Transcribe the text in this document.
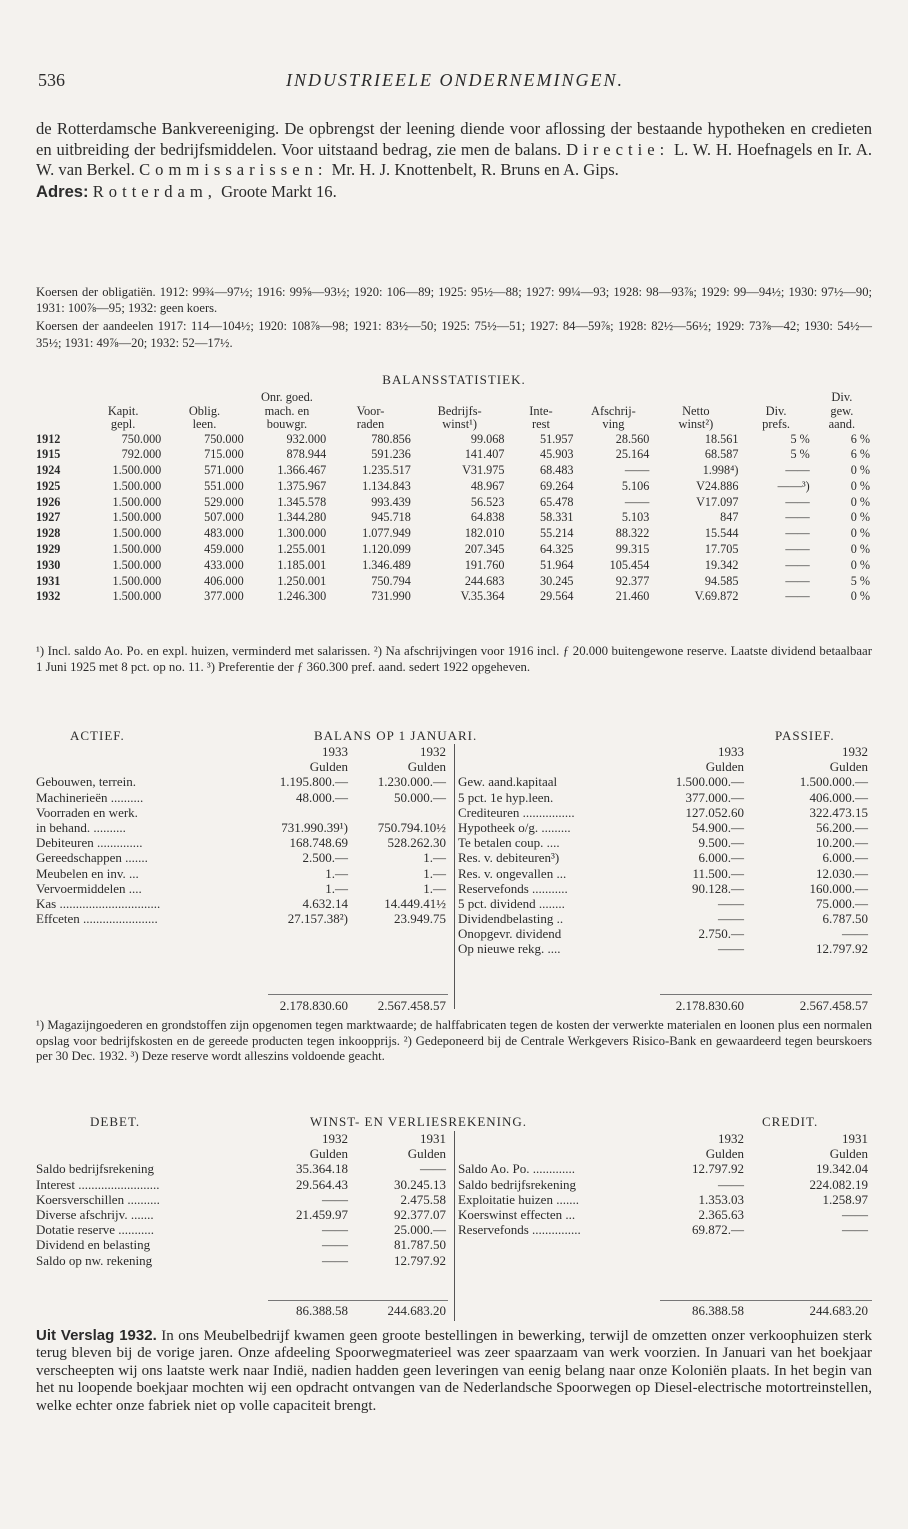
536	INDUSTRIEELE ONDERNEMINGEN.

de Rotterdamsche Bankvereeniging. De opbrengst der leening diende voor aflossing der bestaande hypotheken en credieten en uitbreiding der bedrijfsmiddelen. Voor uitstaand bedrag, zie men de balans. Directie: L. W. H. Hoefnagels en Ir. A. W. van Berkel. Commissarissen: Mr. H. J. Knottenbelt, R. Bruns en A. Gips.

Adres: Rotterdam, Groote Markt 16.

Koersen der obligatiën. 1912: 99¾—97½; 1916: 99⅝—93½; 1920: 106—89; 1925: 95½—88; 1927: 99¼—93; 1928: 98—93⅞; 1929: 99—94½; 1930: 97½—90; 1931: 100⅞—95; 1932: geen koers.

Koersen der aandeelen 1917: 114—104½; 1920: 108⅞—98; 1921: 83½—50; 1925: 75½—51; 1927: 84—59⅞; 1928: 82½—56½; 1929: 73⅞—42; 1930: 54½—35½; 1931: 49⅞—20; 1932: 52—17½.

BALANSSTATISTIEK.
			Onr. goed.							Div.
	Kapit.	Oblig.	mach. en	Voor-	Bedrijfs-	Inte-	Afschrij-	Netto	Div.	gew.
	gepl.	leen.	bouwgr.	raden	winst¹)	rest	ving	winst²)	prefs.	aand.
1912	750.000	750.000	932.000	780.856	99.068	51.957	28.560	18.561	5 %	6 %
1915	792.000	715.000	878.944	591.236	141.407	45.903	25.164	68.587	5 %	6 %
1924	1.500.000	571.000	1.366.467	1.235.517	V31.975	68.483	——	1.998⁴)	——	0 %
1925	1.500.000	551.000	1.375.967	1.134.843	48.967	69.264	5.106	V24.886	——³)	0 %
1926	1.500.000	529.000	1.345.578	993.439	56.523	65.478	——	V17.097	——	0 %
1927	1.500.000	507.000	1.344.280	945.718	64.838	58.331	5.103	847	——	0 %
1928	1.500.000	483.000	1.300.000	1.077.949	182.010	55.214	88.322	15.544	——	0 %
1929	1.500.000	459.000	1.255.001	1.120.099	207.345	64.325	99.315	17.705	——	0 %
1930	1.500.000	433.000	1.185.001	1.346.489	191.760	51.964	105.454	19.342	——	0 %
1931	1.500.000	406.000	1.250.001	750.794	244.683	30.245	92.377	94.585	——	5 %
1932	1.500.000	377.000	1.246.300	731.990	V.35.364	29.564	21.460	V.69.872	——	0 %

¹) Incl. saldo Ao. Po. en expl. huizen, verminderd met salarissen. ²) Na afschrijvingen voor 1916 incl. ƒ 20.000 buitengewone reserve. Laatste dividend betaalbaar 1 Juni 1925 met 8 pct. op no. 11. ³) Preferentie der ƒ 360.300 pref. aand. sedert 1922 opgeheven.

ACTIEF.	BALANS OP 1 JANUARI.	PASSIEF.
1933	1932
Gulden	Gulden
Gebouwen, terrein.	1.195.800.—	1.230.000.—
Machinerieën ..........	48.000.—	50.000.—
Voorraden en werk.
in behand. ..........	731.990.39¹)	750.794.10½
Debiteuren ..............	168.748.69	528.262.30
Gereedschappen .......	2.500.—	1.—
Meubelen en inv. ...	1.—	1.—
Vervoermiddelen ....	1.—	1.—
Kas ...............................	4.632.14	14.449.41½
Effceten .......................	27.157.38²)	23.949.75
1933	1932
Gulden	Gulden
Gew. aand.kapitaal	1.500.000.—	1.500.000.—
5 pct. 1e hyp.leen.	377.000.—	406.000.—
Crediteuren ................	127.052.60	322.473.15
Hypotheek o/g. .........	54.900.—	56.200.—
Te betalen coup. ....	9.500.—	10.200.—
Res. v. debiteuren³)	6.000.—	6.000.—
Res. v. ongevallen ...	11.500.—	12.030.—
Reservefonds ...........	90.128.—	160.000.—
5 pct. dividend ........	——	75.000.—
Dividendbelasting ..	——	6.787.50
Onopgevr. dividend	2.750.—	——
Op nieuwe rekg. ....	——	12.797.92
2.178.830.60	2.567.458.57	2.178.830.60	2.567.458.57

¹) Magazijngoederen en grondstoffen zijn opgenomen tegen marktwaarde; de halffabricaten tegen de kosten der verwerkte materialen en loonen plus een normalen opslag voor bedrijfskosten en de gereede producten tegen inkoopprijs. ²) Gedeponeerd bij de Centrale Werkgevers Risico-Bank en gewaardeerd tegen beurskoers per 30 Dec. 1932. ³) Deze reserve wordt alleszins voldoende geacht.

DEBET.	WINST- EN VERLIESREKENING.	CREDIT.
1932	1931
Gulden	Gulden
Saldo bedrijfsrekening	35.364.18	——
Interest .........................	29.564.43	30.245.13
Koersverschillen ..........	——	2.475.58
Diverse afschrijv. .......	21.459.97	92.377.07
Dotatie reserve ...........	——	25.000.—
Dividend en belasting	——	81.787.50
Saldo op nw. rekening	——	12.797.92
1932	1931
Gulden	Gulden
Saldo Ao. Po. .............	12.797.92	19.342.04
Saldo bedrijfsrekening	——	224.082.19
Exploitatie huizen .......	1.353.03	1.258.97
Koerswinst effecten ...	2.365.63	——
Reservefonds ...............	69.872.—	——
86.388.58	244.683.20	86.388.58	244.683.20

Uit Verslag 1932. In ons Meubelbedrijf kwamen geen groote bestellingen in bewerking, terwijl de omzetten onzer verkoophuizen sterk terug bleven bij de vorige jaren. Onze afdeeling Spoorwegmaterieel was zeer spaarzaam van werk voorzien. In Januari van het boekjaar verscheepten wij ons laatste werk naar Indië, nadien hadden geen leveringen van eenig belang naar onze Koloniën plaats. In het begin van het nu loopende boekjaar mochten wij een opdracht ontvangen van de Nederlandsche Spoorwegen op Diesel-electrische motortreinstellen, welke echter onze fabriek niet op volle capaciteit brengt.
